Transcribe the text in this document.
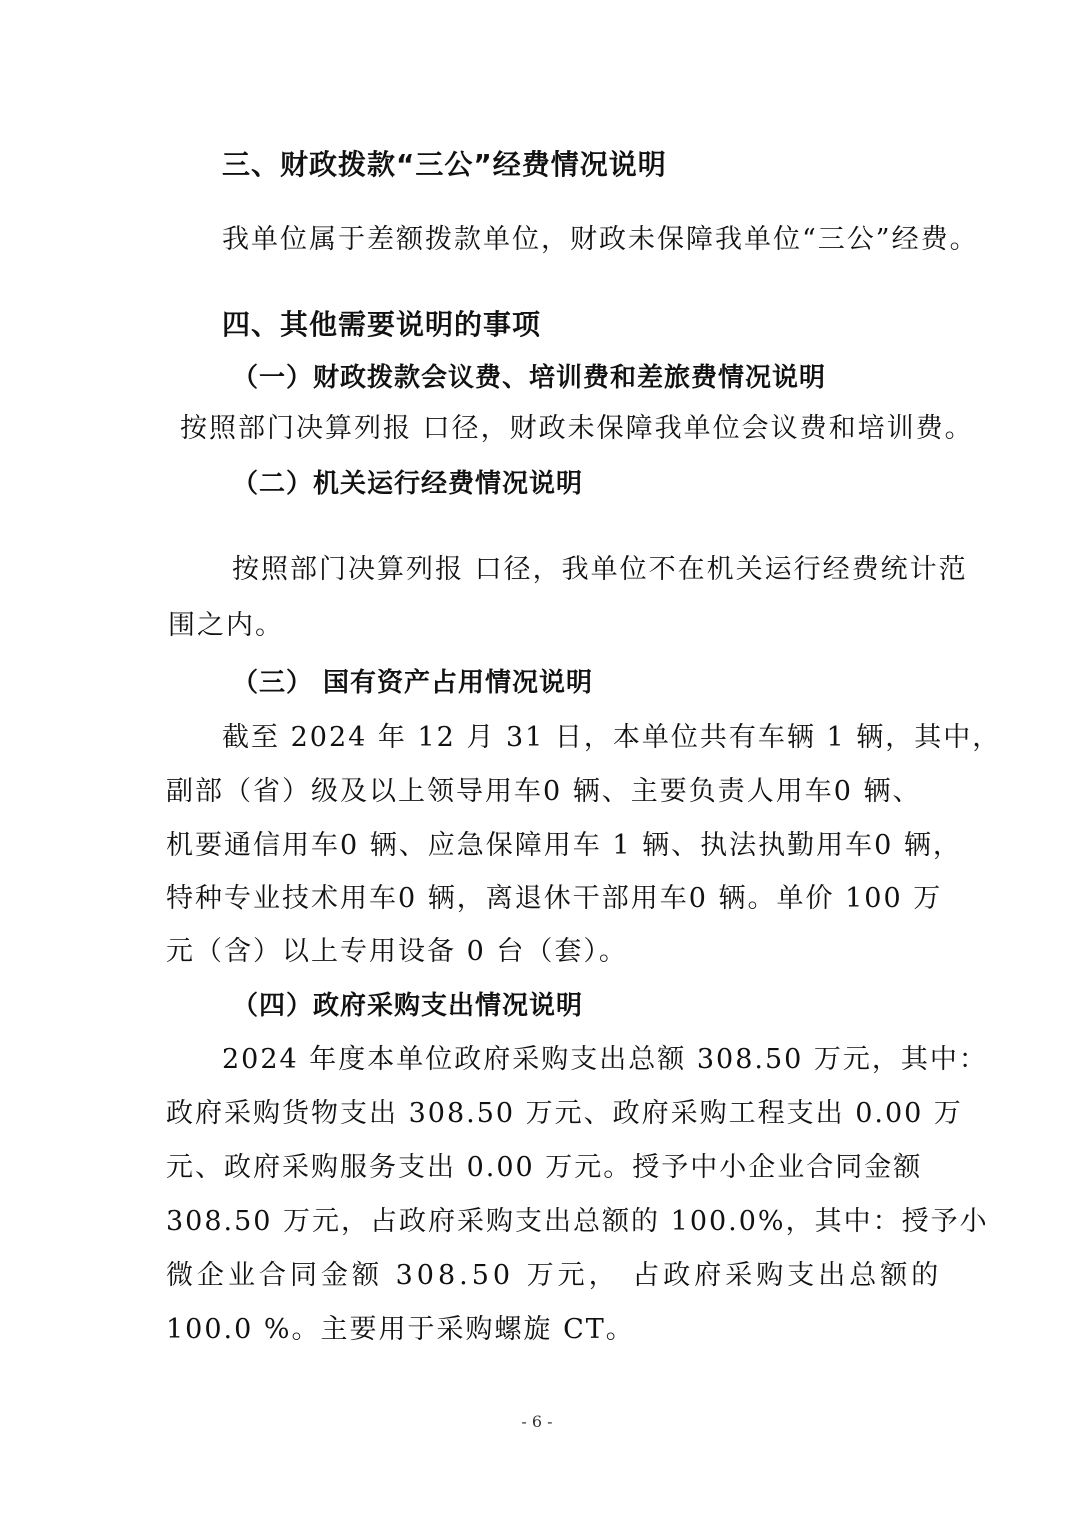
三、财政拨款“三公”经费情况说明
我单位属于差额拨款单位，财政未保障我单位“三公”经费。
四、其他需要说明的事项
（一）财政拨款会议费、培训费和差旅费情况说明
按照部门决算列报 口径，财政未保障我单位会议费和培训费。
（二）机关运行经费情况说明
按照部门决算列报 口径，我单位不在机关运行经费统计范
围之内。
（三） 国有资产占用情况说明
截至 2024 年 12 月 31 日，本单位共有车辆 1 辆，其中，
副部（省）级及以上领导用车0 辆、主要负责人用车0 辆、
机要通信用车0 辆、应急保障用车 1 辆、执法执勤用车0 辆，
特种专业技术用车0 辆，离退休干部用车0 辆。单价 100 万
元（含）以上专用设备 0 台（套）。
（四）政府采购支出情况说明
2024 年度本单位政府采购支出总额 308.50 万元，其中：
政府采购货物支出 308.50 万元、政府采购工程支出 0.00 万
元、政府采购服务支出 0.00 万元。授予中小企业合同金额
308.50 万元，占政府采购支出总额的 100.0%，其中：授予小
微企业合同金额 308.50 万元， 占政府采购支出总额的
100.0 %。主要用于采购螺旋 CT。
- 6 -
